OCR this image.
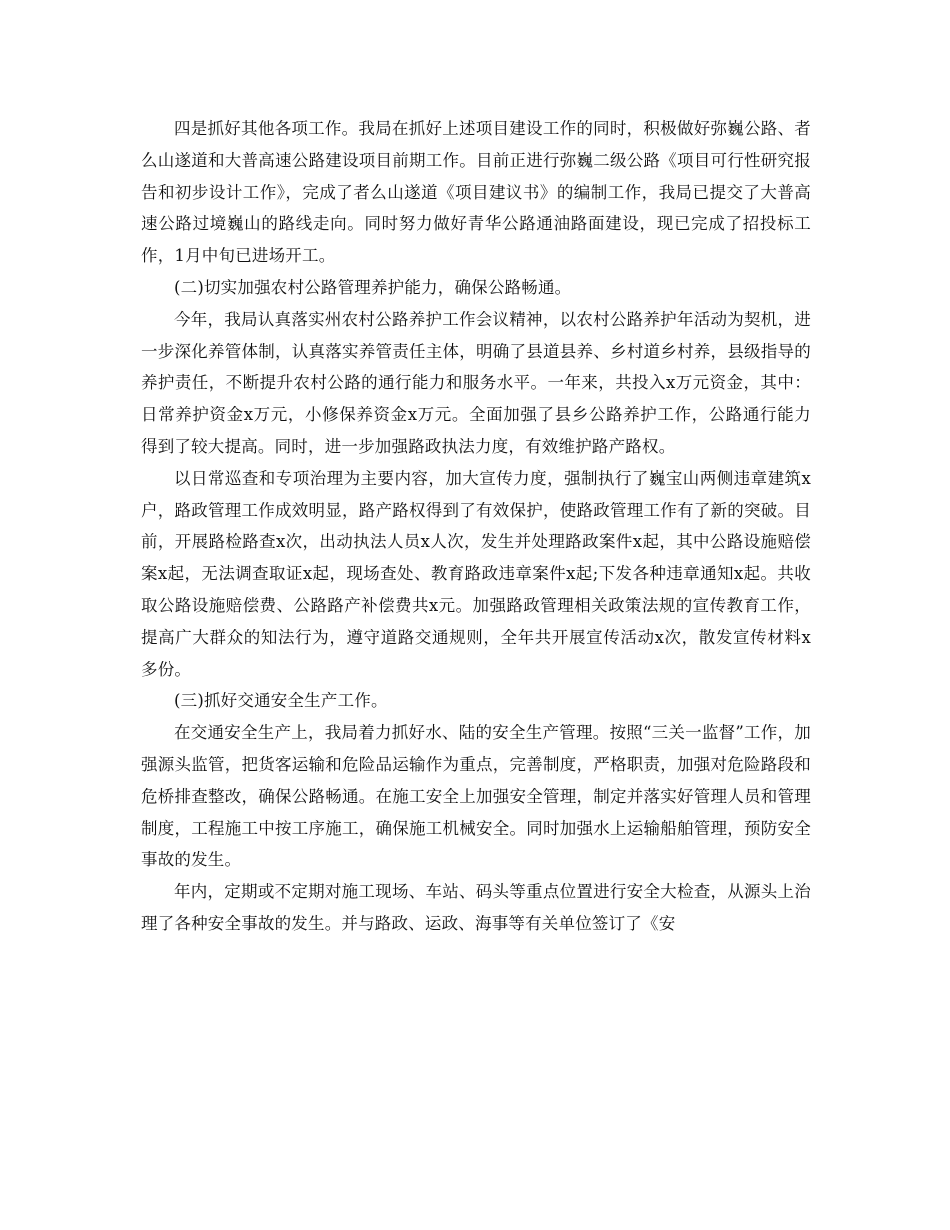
四是抓好其他各项工作。我局在抓好上述项目建设工作的同时，积极做好弥巍公路、者么山遂道和大普高速公路建设项目前期工作。目前正进行弥巍二级公路《项目可行性研究报告和初步设计工作》，完成了者么山遂道《项目建议书》的编制工作，我局已提交了大普高速公路过境巍山的路线走向。同时努力做好青华公路通油路面建设，现已完成了招投标工作，1月中旬已进场开工。

(二)切实加强农村公路管理养护能力，确保公路畅通。

今年，我局认真落实州农村公路养护工作会议精神，以农村公路养护年活动为契机，进一步深化养管体制，认真落实养管责任主体，明确了县道县养、乡村道乡村养，县级指导的养护责任，不断提升农村公路的通行能力和服务水平。一年来，共投入x万元资金，其中：日常养护资金x万元，小修保养资金x万元。全面加强了县乡公路养护工作，公路通行能力得到了较大提高。同时，进一步加强路政执法力度，有效维护路产路权。

以日常巡查和专项治理为主要内容，加大宣传力度，强制执行了巍宝山两侧违章建筑x户，路政管理工作成效明显，路产路权得到了有效保护，使路政管理工作有了新的突破。目前，开展路检路查x次，出动执法人员x人次，发生并处理路政案件x起，其中公路设施赔偿案x起，无法调查取证x起，现场查处、教育路政违章案件x起;下发各种违章通知x起。共收取公路设施赔偿费、公路路产补偿费共x元。加强路政管理相关政策法规的宣传教育工作，提高广大群众的知法行为，遵守道路交通规则，全年共开展宣传活动x次，散发宣传材料x多份。

(三)抓好交通安全生产工作。

在交通安全生产上，我局着力抓好水、陆的安全生产管理。按照“三关一监督”工作，加强源头监管，把货客运输和危险品运输作为重点，完善制度，严格职责，加强对危险路段和危桥排查整改，确保公路畅通。在施工安全上加强安全管理，制定并落实好管理人员和管理制度，工程施工中按工序施工，确保施工机械安全。同时加强水上运输船舶管理，预防安全事故的发生。

年内，定期或不定期对施工现场、车站、码头等重点位置进行安全大检查，从源头上治理了各种安全事故的发生。并与路政、运政、海事等有关单位签订了《安
